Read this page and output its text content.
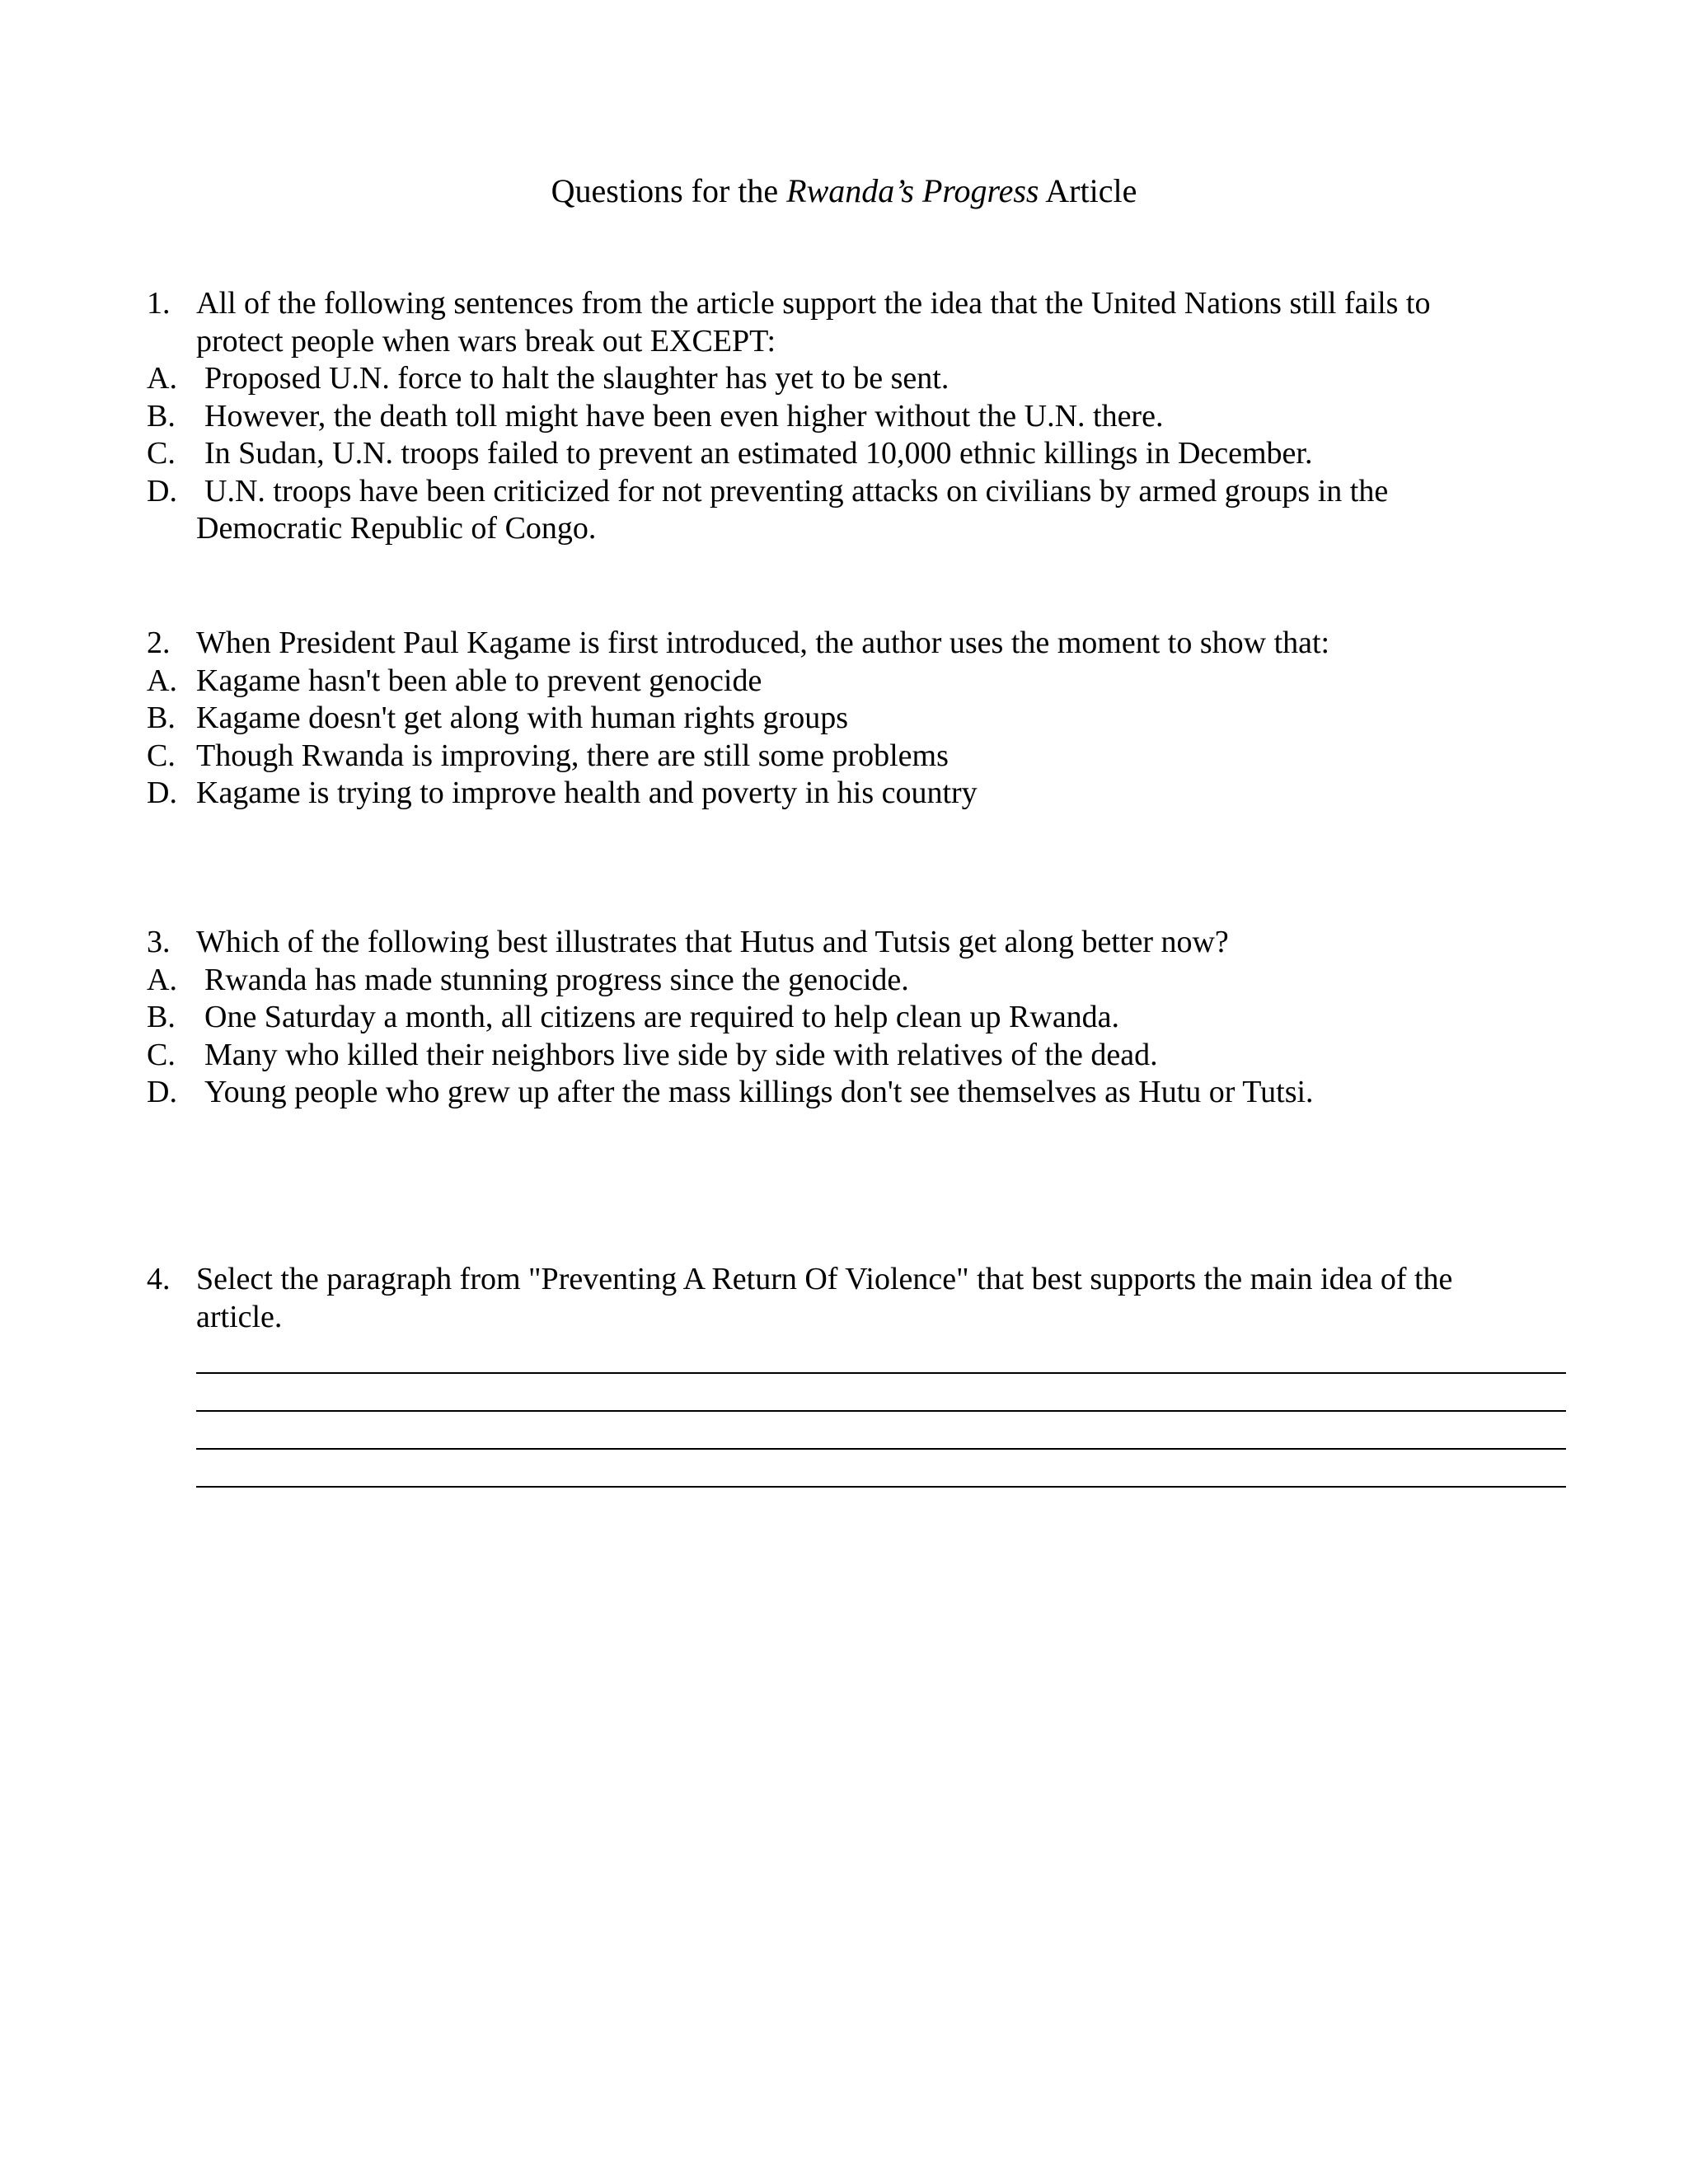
Questions for the Rwanda’s Progress Article
1. All of the following sentences from the article support the idea that the United Nations still fails to
protect people when wars break out EXCEPT:
A. Proposed U.N. force to halt the slaughter has yet to be sent.
B. However, the death toll might have been even higher without the U.N. there.
C. In Sudan, U.N. troops failed to prevent an estimated 10,000 ethnic killings in December.
D. U.N. troops have been criticized for not preventing attacks on civilians by armed groups in the
Democratic Republic of Congo.
2. When President Paul Kagame is first introduced, the author uses the moment to show that:
A. Kagame hasn't been able to prevent genocide
B. Kagame doesn't get along with human rights groups
C. Though Rwanda is improving, there are still some problems
D. Kagame is trying to improve health and poverty in his country
3. Which of the following best illustrates that Hutus and Tutsis get along better now?
A. Rwanda has made stunning progress since the genocide.
B. One Saturday a month, all citizens are required to help clean up Rwanda.
C. Many who killed their neighbors live side by side with relatives of the dead.
D. Young people who grew up after the mass killings don't see themselves as Hutu or Tutsi.
4. Select the paragraph from "Preventing A Return Of Violence" that best supports the main idea of the
article.
